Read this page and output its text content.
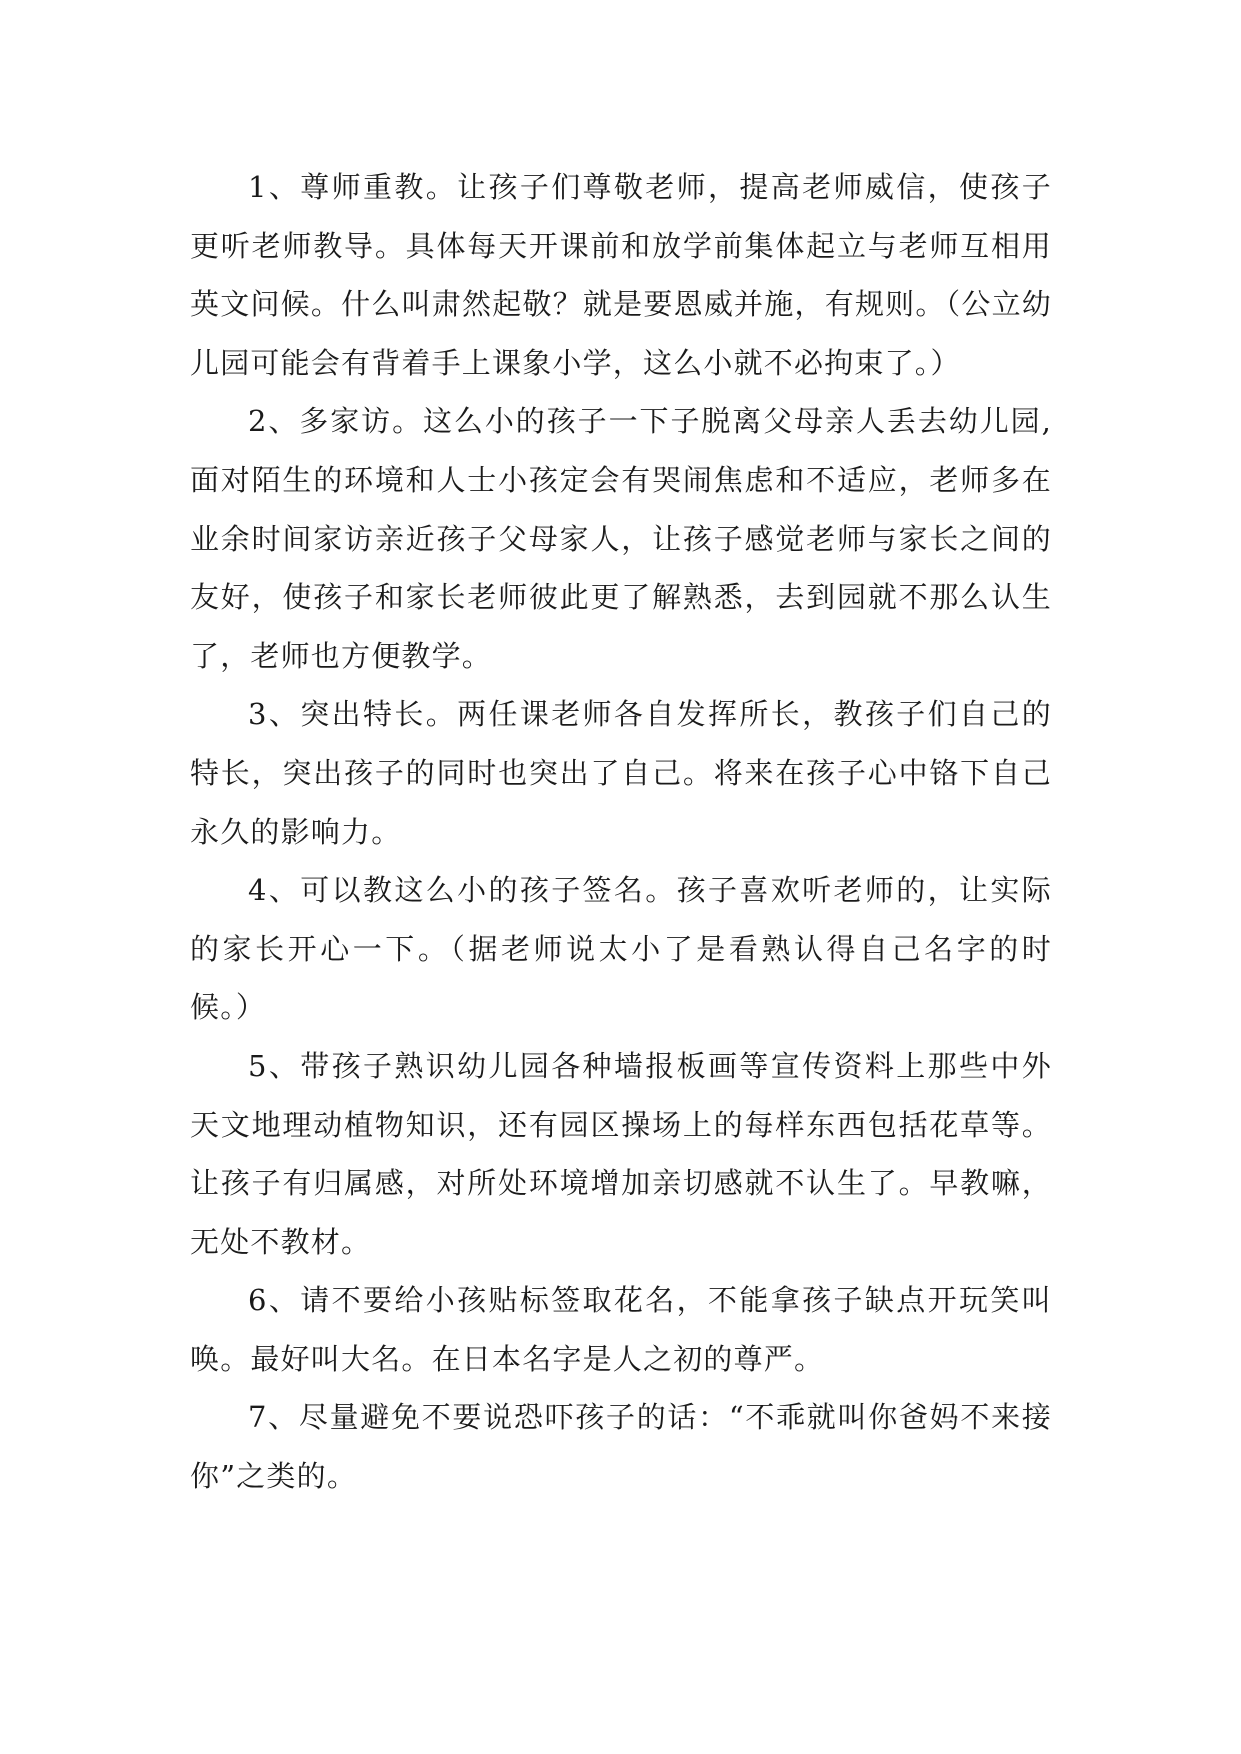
1、尊师重教。让孩子们尊敬老师，提高老师威信，使孩子更听老师教导。具体每天开课前和放学前集体起立与老师互相用英文问候。什么叫肃然起敬？就是要恩威并施，有规则。（公立幼儿园可能会有背着手上课象小学，这么小就不必拘束了。）

2、多家访。这么小的孩子一下子脱离父母亲人丢去幼儿园,面对陌生的环境和人士小孩定会有哭闹焦虑和不适应，老师多在业余时间家访亲近孩子父母家人，让孩子感觉老师与家长之间的友好，使孩子和家长老师彼此更了解熟悉，去到园就不那么认生了，老师也方便教学。

3、突出特长。两任课老师各自发挥所长，教孩子们自己的特长，突出孩子的同时也突出了自己。将来在孩子心中铬下自己永久的影响力。

4、可以教这么小的孩子签名。孩子喜欢听老师的，让实际的家长开心一下。（据老师说太小了是看熟认得自己名字的时候。）

5、带孩子熟识幼儿园各种墙报板画等宣传资料上那些中外天文地理动植物知识，还有园区操场上的每样东西包括花草等。让孩子有归属感，对所处环境增加亲切感就不认生了。早教嘛，无处不教材。

6、请不要给小孩贴标签取花名，不能拿孩子缺点开玩笑叫唤。最好叫大名。在日本名字是人之初的尊严。

7、尽量避免不要说恐吓孩子的话：“不乖就叫你爸妈不来接你”之类的。
